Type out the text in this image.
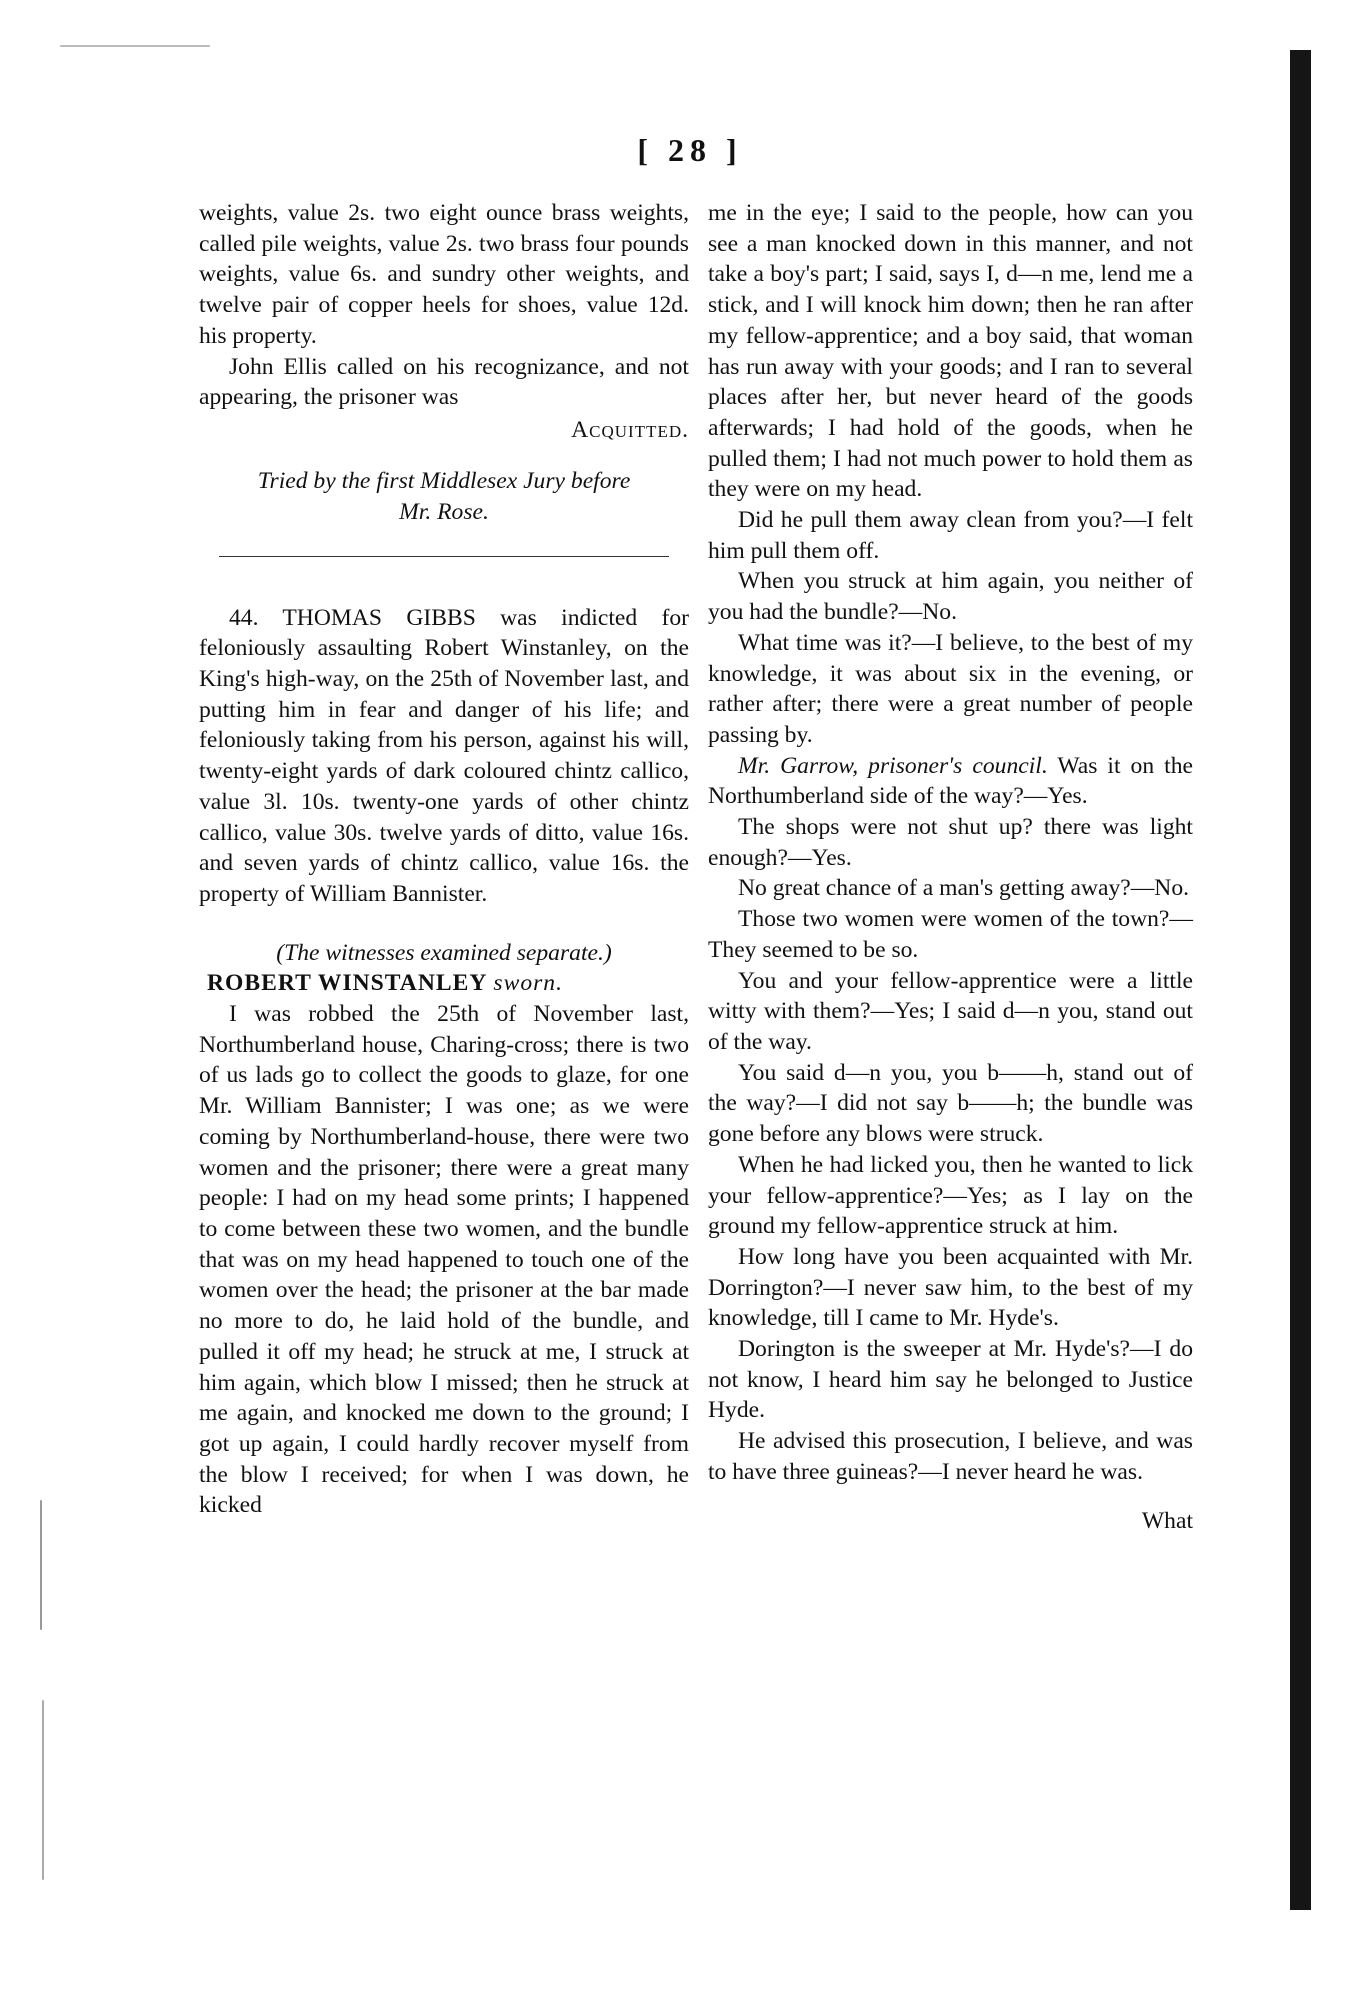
[ 28 ]

weights, value 2s. two eight ounce brass weights, called pile weights, value 2s. two brass four pounds weights, value 6s. and sundry other weights, and twelve pair of copper heels for shoes, value 12d. his property.

John Ellis called on his recognizance, and not appearing, the prisoner was

Acquitted.

Tried by the first Middlesex Jury before
Mr. Rose.

44. THOMAS GIBBS was indicted for feloniously assaulting Robert Winstanley, on the King's high-way, on the 25th of November last, and putting him in fear and danger of his life; and feloniously taking from his person, against his will, twenty-eight yards of dark coloured chintz callico, value 3l. 10s. twenty-one yards of other chintz callico, value 30s. twelve yards of ditto, value 16s. and seven yards of chintz callico, value 16s. the property of William Bannister.

(The witnesses examined separate.)

ROBERT WINSTANLEY sworn.

I was robbed the 25th of November last, Northumberland house, Charing-cross; there is two of us lads go to collect the goods to glaze, for one Mr. William Bannister; I was one; as we were coming by Northumberland-house, there were two women and the prisoner; there were a great many people: I had on my head some prints; I happened to come between these two women, and the bundle that was on my head happened to touch one of the women over the head; the prisoner at the bar made no more to do, he laid hold of the bundle, and pulled it off my head; he struck at me, I struck at him again, which blow I missed; then he struck at me again, and knocked me down to the ground; I got up again, I could hardly recover myself from the blow I received; for when I was down, he kicked

me in the eye; I said to the people, how can you see a man knocked down in this manner, and not take a boy's part; I said, says I, d—n me, lend me a stick, and I will knock him down; then he ran after my fellow-apprentice; and a boy said, that woman has run away with your goods; and I ran to several places after her, but never heard of the goods afterwards; I had hold of the goods, when he pulled them; I had not much power to hold them as they were on my head.

Did he pull them away clean from you?—I felt him pull them off.

When you struck at him again, you neither of you had the bundle?—No.

What time was it?—I believe, to the best of my knowledge, it was about six in the evening, or rather after; there were a great number of people passing by.

Mr. Garrow, prisoner's council. Was it on the Northumberland side of the way?—Yes.

The shops were not shut up? there was light enough?—Yes.

No great chance of a man's getting away?—No.

Those two women were women of the town?—They seemed to be so.

You and your fellow-apprentice were a little witty with them?—Yes; I said d—n you, stand out of the way.

You said d—n you, you b——h, stand out of the way?—I did not say b——h; the bundle was gone before any blows were struck.

When he had licked you, then he wanted to lick your fellow-apprentice?—Yes; as I lay on the ground my fellow-apprentice struck at him.

How long have you been acquainted with Mr. Dorrington?—I never saw him, to the best of my knowledge, till I came to Mr. Hyde's.

Dorington is the sweeper at Mr. Hyde's?—I do not know, I heard him say he belonged to Justice Hyde.

He advised this prosecution, I believe, and was to have three guineas?—I never heard he was.

What
